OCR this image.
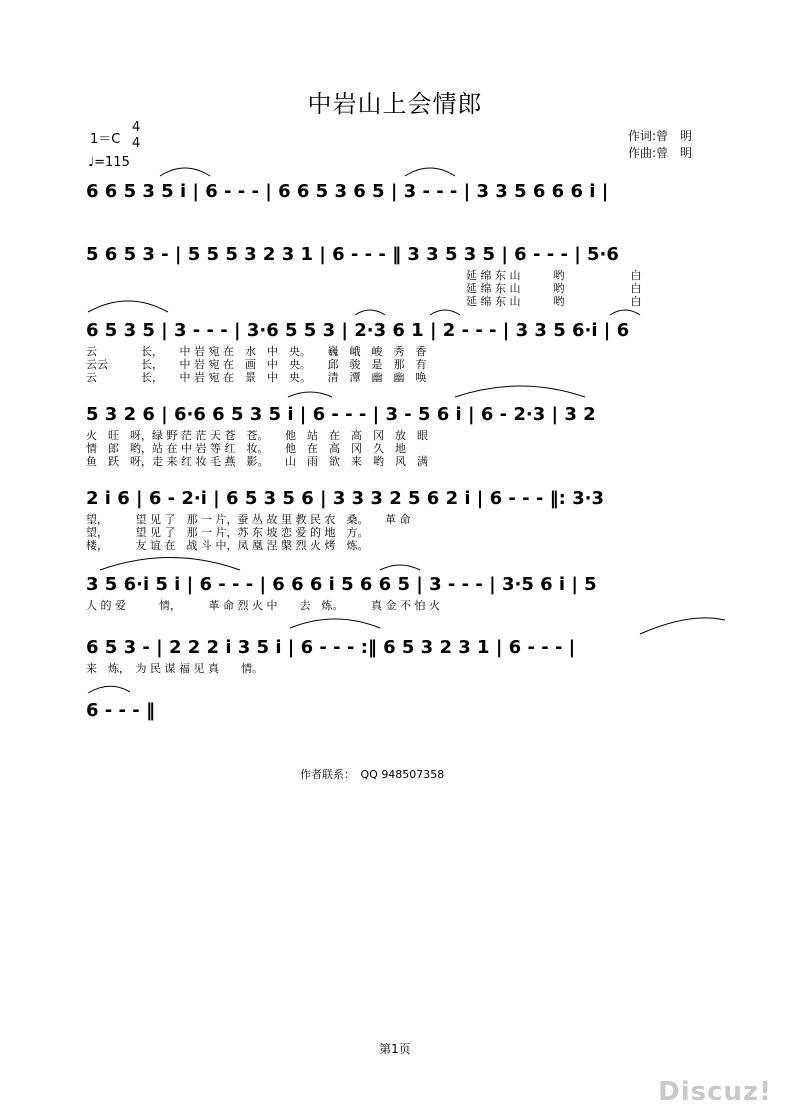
中岩山上会情郎
1＝C
4
4
♩=115
作词:曾　明
作曲:曾　明
6 6 5 3 5 i | 6 - - - | 6 6 5 3 6 5 | 3 - - - | 3 3 5 6 6 6 i |
5 6 5 3 - | 5 5 5 3 2 3 1 | 6 - - - ‖ 3 3 5 3 5 | 6 - - - | 5·6
延 绵 东 山　　　哟　　　　　　白
延 绵 东 山　　　哟　　　　　　白
延 绵 东 山　　　哟　　　　　　白
6 5 3 5 | 3 - - - | 3·6 5 5 3 | 2·3 6 1 | 2 - - - | 3 3 5 6·i | 6
云　　　　长，　　中 岩 宛 在　水　中　央。　　巍　峨　峻　秀　香
云云　　　长，　　中 岩 宛 在　画　中　央。　　邱　骏　是　那　有
云　　　　长，　　中 岩 宛 在　景　中　央。　　清　潭　幽　幽　唤
5 3 2 6 | 6·6 6 5 3 5 i | 6 - - - | 3 - 5 6 i | 6 - 2·3 | 3 2
火　旺　呀，绿 野 茫 茫 天 苍　苍。　　他　站　在　高　冈　放　眼
情　郎　哟，站 在 中 岩 等 红　妆。　　他　在　高　冈　久　地
鱼　跃　呀，走 来 红 妆 毛 燕　影。　　山　雨　欲　来　哟　风　满
2 i 6 | 6 - 2·i | 6 5 3 5 6 | 3 3 3 2 5 6 2 i | 6 - - - ‖: 3·3
望，　　　望 见 了　那 一 片，蚕 丛 故 里 教 民 农　桑。　　革 命
望，　　　望 见 了　那 一 片，苏 东 坡 恋 爱 的 地　方。
楼，　　　友 谊 在　战 斗 中，凤 凰 涅 槃 烈 火 烤　炼。
3 5 6·i 5 i | 6 - - - | 6 6 6 i 5 6 6 5 | 3 - - - | 3·5 6 i | 5
人 的 爱　　　情，　　　革 命 烈 火 中　　去　炼。　　　真 金 不 怕 火
6 5 3 - | 2 2 2 i 3 5 i | 6 - - - :‖ 6 5 3 2 3 1 | 6 - - - |
来　炼，　为 民 谋 福 见 真　　情。
6 - - - ‖
作者联系：　QQ 948507358
第1页
Discuz!
